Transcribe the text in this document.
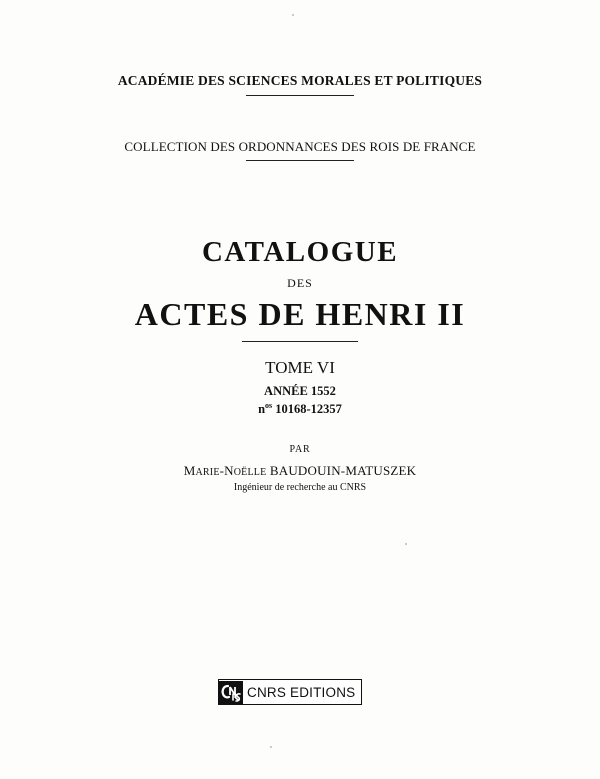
ACADÉMIE DES SCIENCES MORALES ET POLITIQUES
COLLECTION DES ORDONNANCES DES ROIS DE FRANCE
CATALOGUE
DES
ACTES DE HENRI II
TOME VI
ANNÉE 1552
$n^{os}$ 10168-12357
PAR
MARIE-NOËLLE BAUDOUIN-MATUSZEK
Ingénieur de recherche au CNRS
CNRS EDITIONS
